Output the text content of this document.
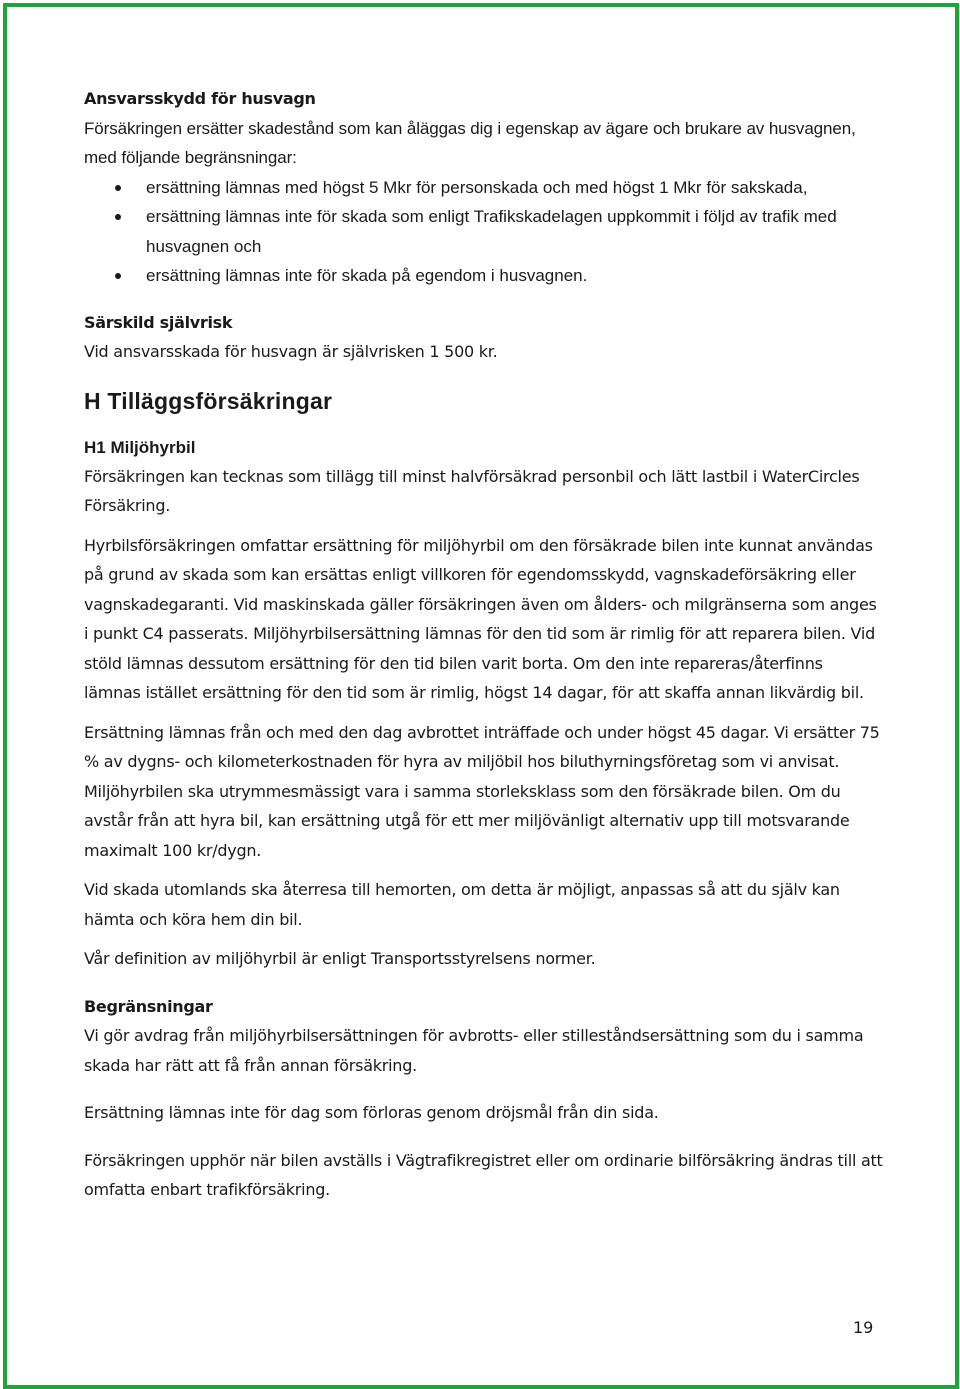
Ansvarsskydd för husvagn
Försäkringen ersätter skadestånd som kan åläggas dig i egenskap av ägare och brukare av husvagnen, med följande begränsningar:
ersättning lämnas med högst 5 Mkr för personskada och med högst 1 Mkr för sakskada,
ersättning lämnas inte för skada som enligt Trafikskadelagen uppkommit i följd av trafik med husvagnen och
ersättning lämnas inte för skada på egendom i husvagnen.
Särskild självrisk
Vid ansvarsskada för husvagn är självrisken 1 500 kr.
H Tilläggsförsäkringar
H1 Miljöhyrbil

Försäkringen kan tecknas som tillägg till minst halvförsäkrad personbil och lätt lastbil i WaterCircles Försäkring.

Hyrbilsförsäkringen omfattar ersättning för miljöhyrbil om den försäkrade bilen inte kunnat användas på grund av skada som kan ersättas enligt villkoren för egendomsskydd, vagnskadeförsäkring eller vagnskadegaranti. Vid maskinskada gäller försäkringen även om ålders- och milgränserna som anges i punkt C4 passerats. Miljöhyrbilsersättning lämnas för den tid som är rimlig för att reparera bilen. Vid stöld lämnas dessutom ersättning för den tid bilen varit borta. Om den inte repareras/återfinns lämnas istället ersättning för den tid som är rimlig, högst 14 dagar, för att skaffa annan likvärdig bil.

Ersättning lämnas från och med den dag avbrottet inträffade och under högst 45 dagar. Vi ersätter 75 % av dygns- och kilometerkostnaden för hyra av miljöbil hos biluthyrningsföretag som vi anvisat. Miljöhyrbilen ska utrymmesmässigt vara i samma storleksklass som den försäkrade bilen. Om du avstår från att hyra bil, kan ersättning utgå för ett mer miljövänligt alternativ upp till motsvarande maximalt 100 kr/dygn.

Vid skada utomlands ska återresa till hemorten, om detta är möjligt, anpassas så att du själv kan hämta och köra hem din bil.

Vår definition av miljöhyrbil är enligt Transportsstyrelsens normer.

Begränsningar

Vi gör avdrag från miljöhyrbilsersättningen för avbrotts- eller stilleståndsersättning som du i samma skada har rätt att få från annan försäkring.

Ersättning lämnas inte för dag som förloras genom dröjsmål från din sida.

Försäkringen upphör när bilen avställs i Vägtrafikregistret eller om ordinarie bilförsäkring ändras till att omfatta enbart trafikförsäkring.

19
